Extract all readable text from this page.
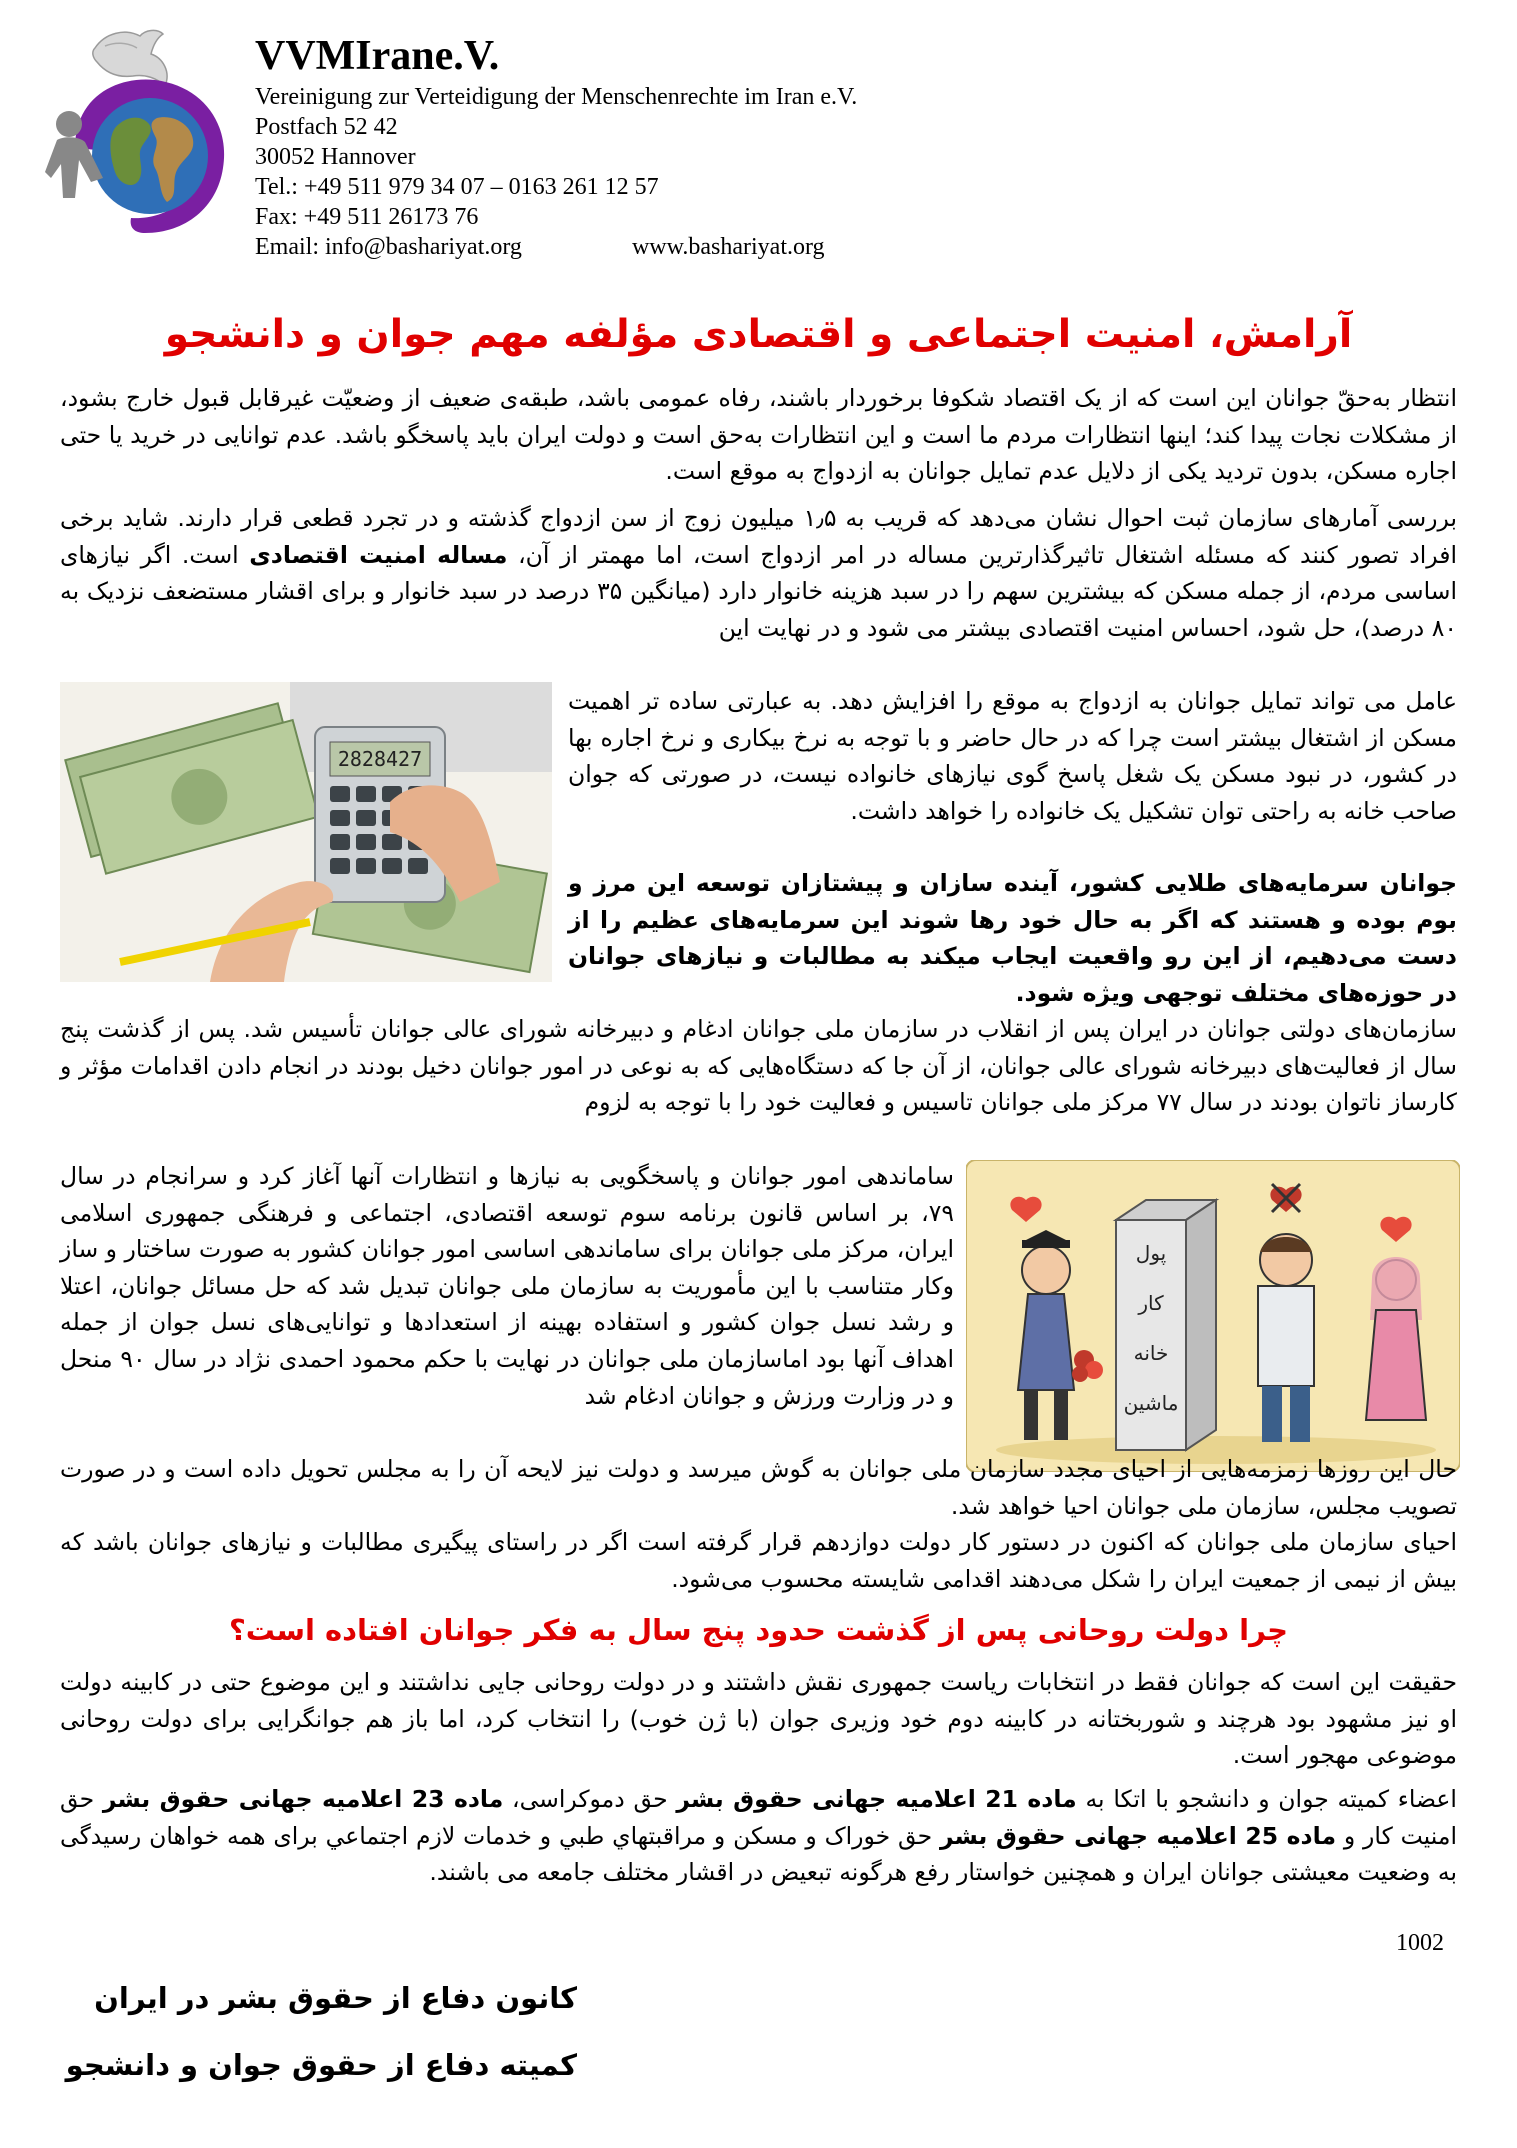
VVMIrane.V.

Vereinigung zur Verteidigung der Menschenrechte im Iran e.V.

Postfach 52 42

30052 Hannover

Tel.: +49 511 979 34 07 – 0163 261 12 57

Fax: +49 511 26173 76

Email: info@bashariyat.org	www.bashariyat.org

آرامش، امنیت اجتماعی و اقتصادی مؤلفه مهم جوان و دانشجو

انتظار به‌حقّ جوانان این است که از یک اقتصاد شکوفا برخوردار باشند، رفاه عمومی باشد، طبقه‌ی ضعیف از وضعیّت غیرقابل قبول خارج بشود، از مشکلات نجات پیدا کند؛ اینها انتظارات مردم ما است و این انتظارات به‌حق است و دولت ایران باید پاسخگو باشد. عدم توانایی در خرید یا حتی اجاره مسکن، بدون تردید یکی از دلایل عدم تمایل جوانان به ازدواج به موقع است.

بررسی آمارهای سازمان ثبت احوال نشان می‌دهد که قریب به ۱٫۵ میلیون زوج از سن ازدواج گذشته و در تجرد قطعی قرار دارند. شاید برخی افراد تصور کنند که مسئله اشتغال تاثیرگذارترین مساله در امر ازدواج است، اما مهمتر از آن، مساله امنیت اقتصادی است. اگر نیازهای اساسی مردم، از جمله مسکن که بیشترین سهم را در سبد هزینه خانوار دارد (میانگین ۳۵ درصد در سبد خانوار و برای اقشار مستضعف نزدیک به ۸۰ درصد)، حل شود، احساس امنیت اقتصادی بیشتر می شود و در نهایت این

2828427

عامل می تواند تمایل جوانان به ازدواج به موقع را افزایش دهد. به عبارتی ساده تر اهمیت مسکن از اشتغال بیشتر است چرا که در حال حاضر و با توجه به نرخ بیکاری و نرخ اجاره بها در کشور، در نبود مسکن یک شغل پاسخ گوی نیازهای خانواده نیست، در صورتی که جوان صاحب خانه به راحتی توان تشکیل یک خانواده را خواهد داشت.

جوانان سرمایه‌های طلایی کشور، آینده سازان و پیشتازان توسعه این مرز و بوم بوده و هستند که اگر به حال خود رها شوند این سرمایه‌های عظیم را از دست می‌دهیم، از این رو واقعیت ایجاب میکند به مطالبات و نیازهای جوانان در حوزه‌های مختلف توجهی ویژه شود.

سازمان‌های دولتی جوانان در ایران پس از انقلاب در سازمان ملی جوانان ادغام و دبیرخانه شورای عالی جوانان تأسیس شد. پس از گذشت پنج سال از فعالیت‌های دبیرخانه شورای عالی جوانان، از آن جا که دستگاه‌هایی که به نوعی در امور جوانان دخیل بودند در انجام دادن اقدامات مؤثر و کارساز ناتوان بودند در سال ۷۷ مرکز ملی جوانان تاسیس و فعالیت خود را با توجه به لزوم

پول
کار
خانه
ماشین

ساماندهی امور جوانان و پاسخگویی به نیازها و انتظارات آنها آغاز کرد و سرانجام در سال ۷۹، بر اساس قانون برنامه سوم توسعه اقتصادی، اجتماعی و فرهنگی جمهوری اسلامی ایران، مرکز ملی جوانان برای ساماندهی اساسی امور جوانان کشور به صورت ساختار و ساز وکار متناسب با این مأموریت به سازمان ملی جوانان تبدیل شد که حل مسائل جوانان، اعتلا و رشد نسل جوان کشور و استفاده بهینه از استعدادها و توانایی‌های نسل جوان از جمله اهداف آنها بود اماسازمان ملی جوانان در نهایت با حکم محمود احمدی نژاد در سال ۹۰ منحل و در وزارت ورزش و جوانان ادغام شد

حال این روزها زمزمه‌هایی از احیای مجدد سازمان ملی جوانان به گوش میرسد و دولت نیز لایحه آن را به مجلس تحویل داده است و در صورت تصویب مجلس، سازمان ملی جوانان احیا خواهد شد.

احیای سازمان ملی جوانان که اکنون در دستور کار دولت دوازدهم قرار گرفته است اگر در راستای پیگیری مطالبات و نیازهای جوانان باشد که بیش از نیمی از جمعیت ایران را شکل می‌دهند اقدامی شایسته محسوب می‌شود.

چرا دولت روحانی پس از گذشت حدود پنج سال به فکر جوانان افتاده است؟

حقیقت این است که جوانان فقط در انتخابات ریاست جمهوری نقش داشتند و در دولت روحانی جایی نداشتند و این موضوع حتی در کابینه دولت او نیز مشهود بود هرچند و شوربختانه در کابینه دوم خود وزیری جوان (با ژن خوب) را انتخاب کرد، اما باز هم جوانگرایی برای دولت روحانی موضوعی مهجور است.

اعضاء کمیته جوان و دانشجو با اتکا به ماده 21 اعلامیه جهانی حقوق بشر حق دموکراسی، ماده 23 اعلامیه جهانی حقوق بشر حق امنیت کار و ماده 25 اعلامیه جهانی حقوق بشر حق خوراک و مسکن و مراقبتهاي طبي و خدمات لازم اجتماعي برای همه خواهان رسیدگی به وضعیت معیشتی جوانان ایران و همچنین خواستار رفع هرگونه تبعیض در اقشار مختلف جامعه می باشند.

1002

کانون دفاع از حقوق بشر در ایران

کمیته دفاع از حقوق جوان و دانشجو
